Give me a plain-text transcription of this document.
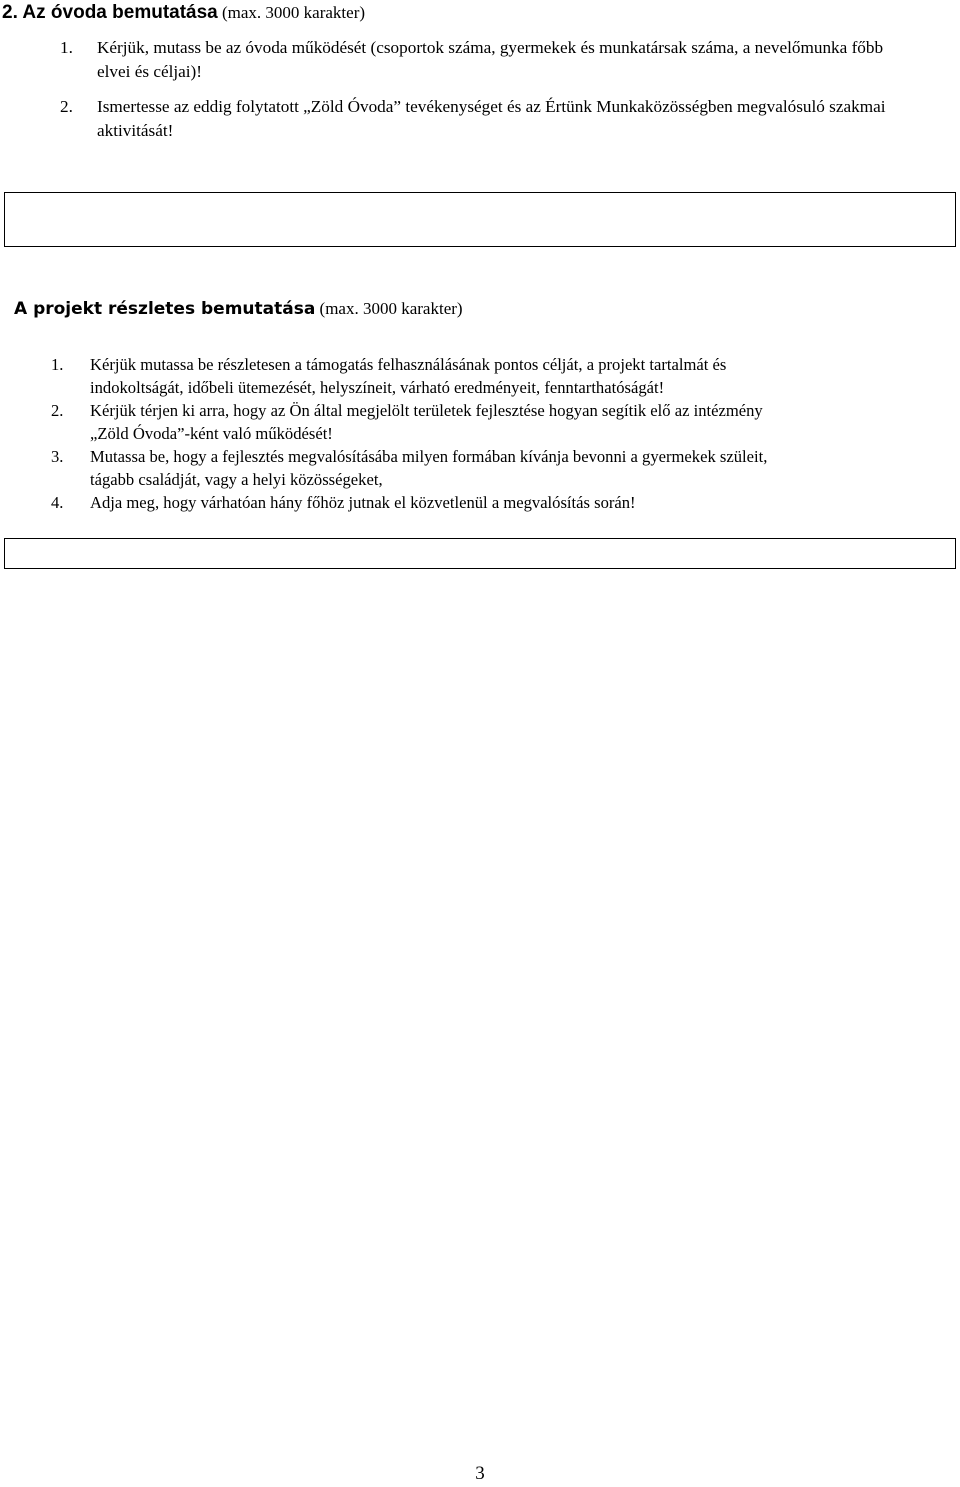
2. Az óvoda bemutatása (max. 3000 karakter)
1. Kérjük, mutass be az óvoda működését (csoportok száma, gyermekek és munkatársak száma, a nevelőmunka főbb elvei és céljai)!
2. Ismertesse az eddig folytatott „Zöld Óvoda” tevékenységet és az Értünk Munkaközösségben megvalósuló szakmai aktivitását!
A projekt részletes bemutatása (max. 3000 karakter)
1. Kérjük mutassa be részletesen a támogatás felhasználásának pontos célját, a projekt tartalmát és
indokoltságát, időbeli ütemezését, helyszíneit, várható eredményeit, fenntarthatóságát!
2. Kérjük térjen ki arra, hogy az Ön által megjelölt területek fejlesztése hogyan segítik elő az intézmény
„Zöld Óvoda”-ként való működését!
3. Mutassa be, hogy a fejlesztés megvalósításába milyen formában kívánja bevonni a gyermekek szüleit,
tágabb családját, vagy a helyi közösségeket,
4. Adja meg, hogy várhatóan hány főhöz jutnak el közvetlenül a megvalósítás során!
3
